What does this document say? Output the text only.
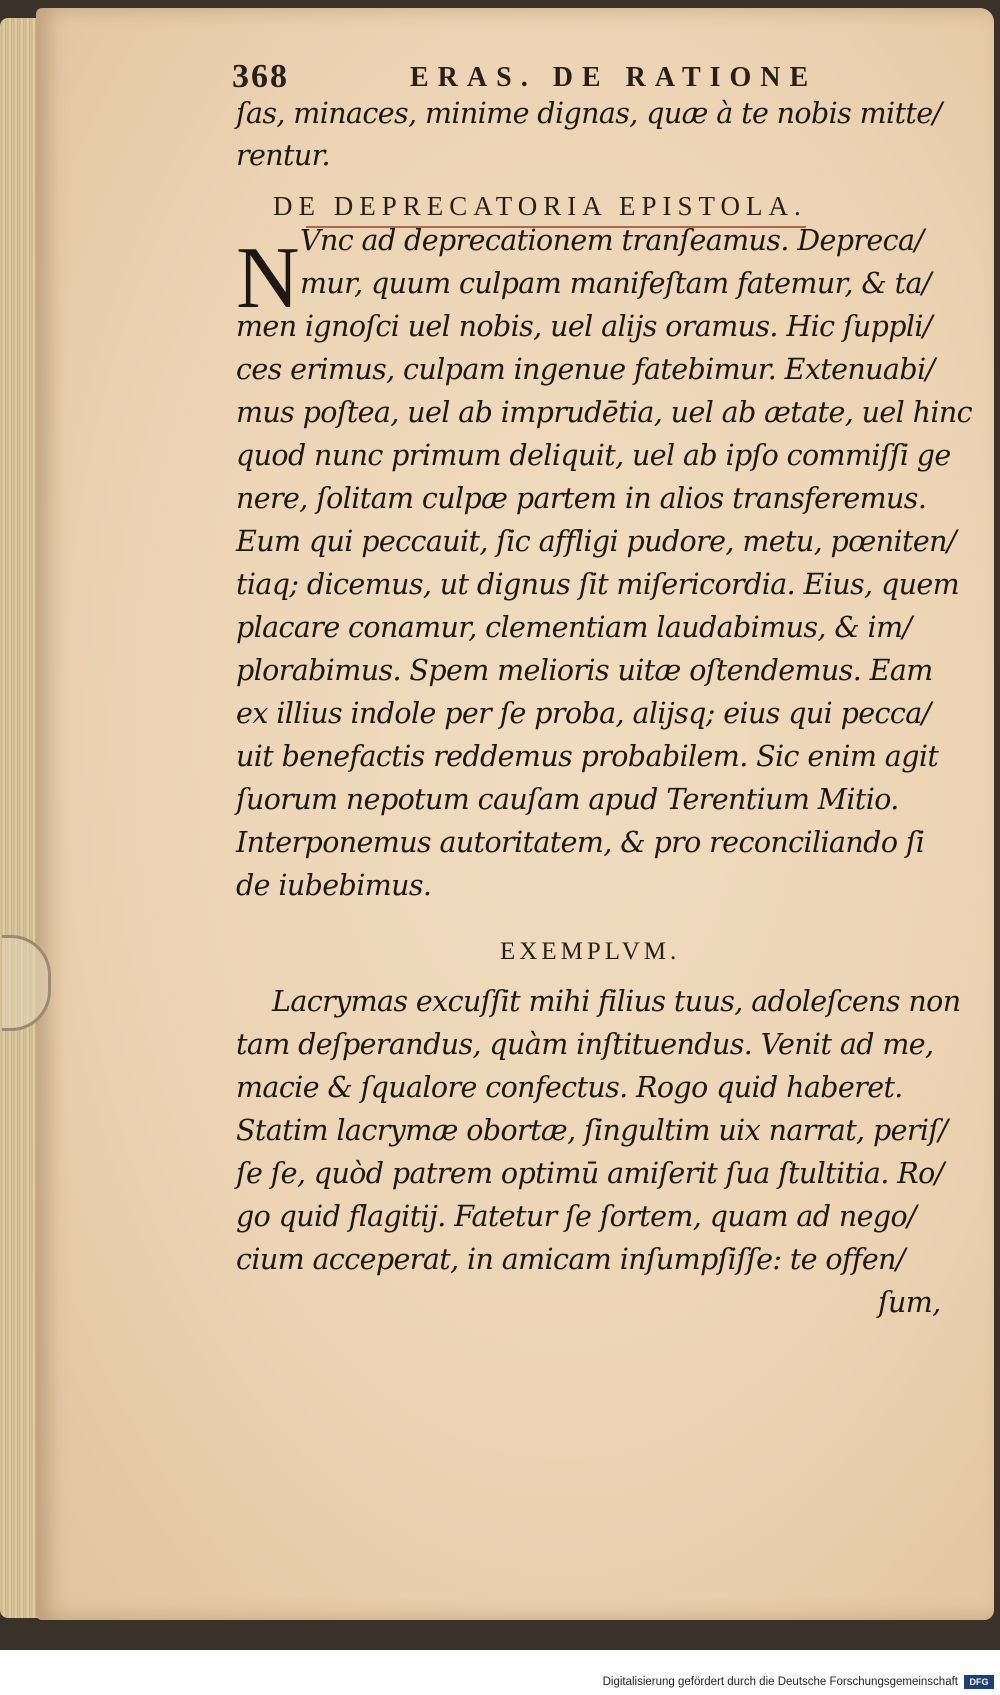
368	ERAS. DE RATIONE
ſas, minaces, minime dignas, quæ à te nobis mitte/
rentur.
DE DEPRECATORIA EPISTOLA.
N Vnc ad deprecationem tranſeamus. Depreca/
mur, quum culpam manifeſtam fatemur, & ta/
men ignoſci uel nobis, uel alijs oramus. Hic ſuppli/
ces erimus, culpam ingenue fatebimur. Extenuabi/
mus poſtea, uel ab imprudētia, uel ab ætate, uel hinc
quod nunc primum deliquit, uel ab ipſo commiſſi ge
nere, ſolitam culpæ partem in alios transferemus.
Eum qui peccauit, ſic affligi pudore, metu, pœniten/
tiaq; dicemus, ut dignus ſit miſericordia. Eius, quem
placare conamur, clementiam laudabimus, & im/
plorabimus. Spem melioris uitæ oſtendemus. Eam
ex illius indole per ſe proba, alijsq; eius qui pecca/
uit benefactis reddemus probabilem. Sic enim agit
ſuorum nepotum cauſam apud Terentium Mitio.
Interponemus autoritatem, & pro reconciliando ſi
de iubebimus.
EXEMPLVM.
Lacrymas excuſſit mihi filius tuus, adoleſcens non
tam deſperandus, quàm inſtituendus. Venit ad me,
macie & ſqualore confectus. Rogo quid haberet.
Statim lacrymæ obortæ, ſingultim uix narrat, periſ/
ſe ſe, quòd patrem optimū amiſerit ſua ſtultitia. Ro/
go quid flagitij. Fatetur ſe ſortem, quam ad nego/
cium acceperat, in amicam inſumpſiſſe: te offen/
ſum,
Digitalisierung gefördert durch die Deutsche Forschungsgemeinschaft	DFG
